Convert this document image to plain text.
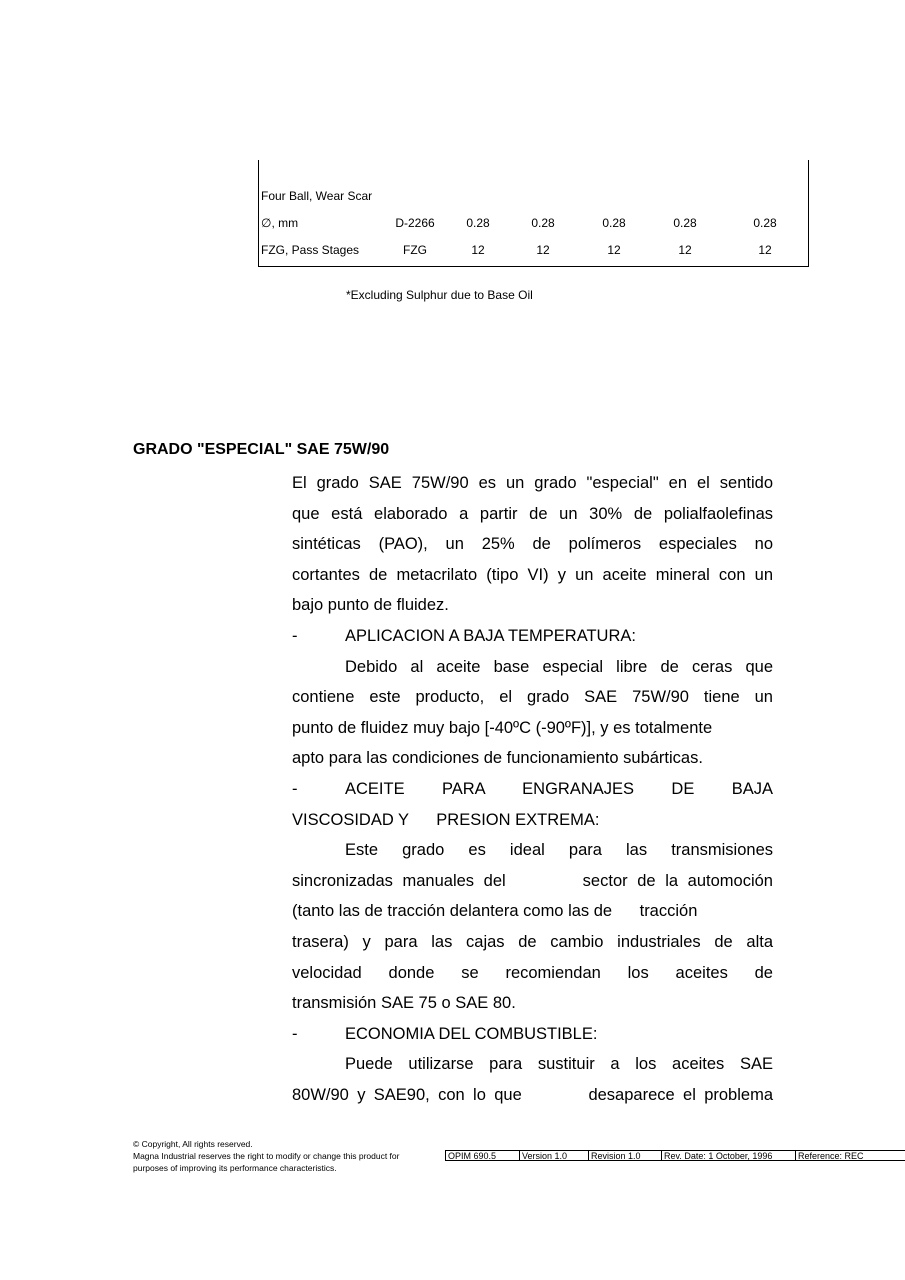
Four Ball, Wear Scar
∅, mm	D-2266	0.28	0.28	0.28	0.28	0.28
FZG, Pass Stages	FZG	12	12	12	12	12
*Excluding Sulphur due to Base Oil
GRADO "ESPECIAL" SAE 75W/90
El grado SAE 75W/90 es un grado "especial" en el sentido
que está elaborado a partir de un 30% de polialfaolefinas
sintéticas (PAO), un 25% de polímeros especiales no
cortantes de metacrilato (tipo VI) y un aceite mineral con un
bajo punto de fluidez.
-	APLICACION A BAJA TEMPERATURA:
Debido al aceite base especial libre de ceras que
contiene este producto, el grado SAE 75W/90 tiene un
punto de fluidez muy bajo [-40ºC (-90ºF)], y es totalmente
apto para las condiciones de funcionamiento subárticas.
-	ACEITE PARA ENGRANAJES DE BAJA
VISCOSIDAD Y      PRESION EXTREMA:
Este grado es ideal para las transmisiones
sincronizadas manuales del        sector de la automoción
(tanto las de tracción delantera como las de      tracción
trasera) y para las cajas de cambio industriales de alta
velocidad donde se recomiendan los aceites de
transmisión SAE 75 o SAE 80.
-	ECONOMIA DEL COMBUSTIBLE:
Puede utilizarse para sustituir a los aceites SAE
80W/90 y SAE90, con lo que        desaparece el problema
© Copyright, All rights reserved.
Magna Industrial reserves the right to modify or change this product for
purposes of improving its performance characteristics.
OPIM 690.5	Version 1.0	Revision 1.0	Rev. Date: 1 October, 1996	Reference: REC
